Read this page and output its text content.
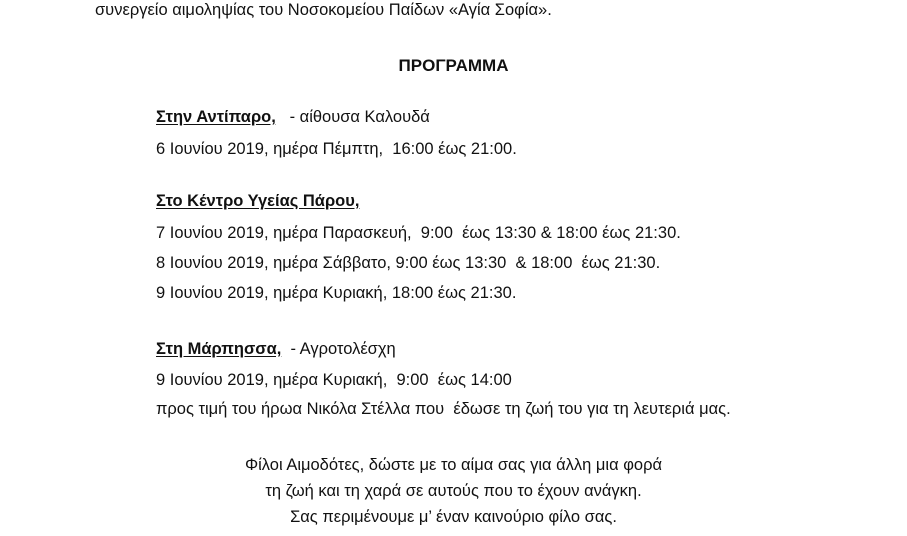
συνεργείο αιμοληψίας του Νοσοκομείου Παίδων «Αγία Σοφία».
ΠΡΟΓΡΑΜΜΑ
Στην Αντίπαρο,   - αίθουσα Καλουδά
6 Ιουνίου 2019, ημέρα Πέμπτη,  16:00 έως 21:00.
Στο Κέντρο Υγείας Πάρου,
7 Ιουνίου 2019, ημέρα Παρασκευή,  9:00  έως 13:30 & 18:00 έως 21:30.
8 Ιουνίου 2019, ημέρα Σάββατο, 9:00 έως 13:30  & 18:00  έως 21:30.
9 Ιουνίου 2019, ημέρα Κυριακή, 18:00 έως 21:30.
Στη Μάρπησσα,  - Αγροτολέσχη
9 Ιουνίου 2019, ημέρα Κυριακή,  9:00  έως 14:00
προς τιμή του ήρωα Νικόλα Στέλλα που  έδωσε τη ζωή του για τη λευτεριά μας.
Φίλοι Αιμοδότες, δώστε με το αίμα σας για άλλη μια φορά
τη ζωή και τη χαρά σε αυτούς που το έχουν ανάγκη.
Σας περιμένουμε μ’ έναν καινούριο φίλο σας.
